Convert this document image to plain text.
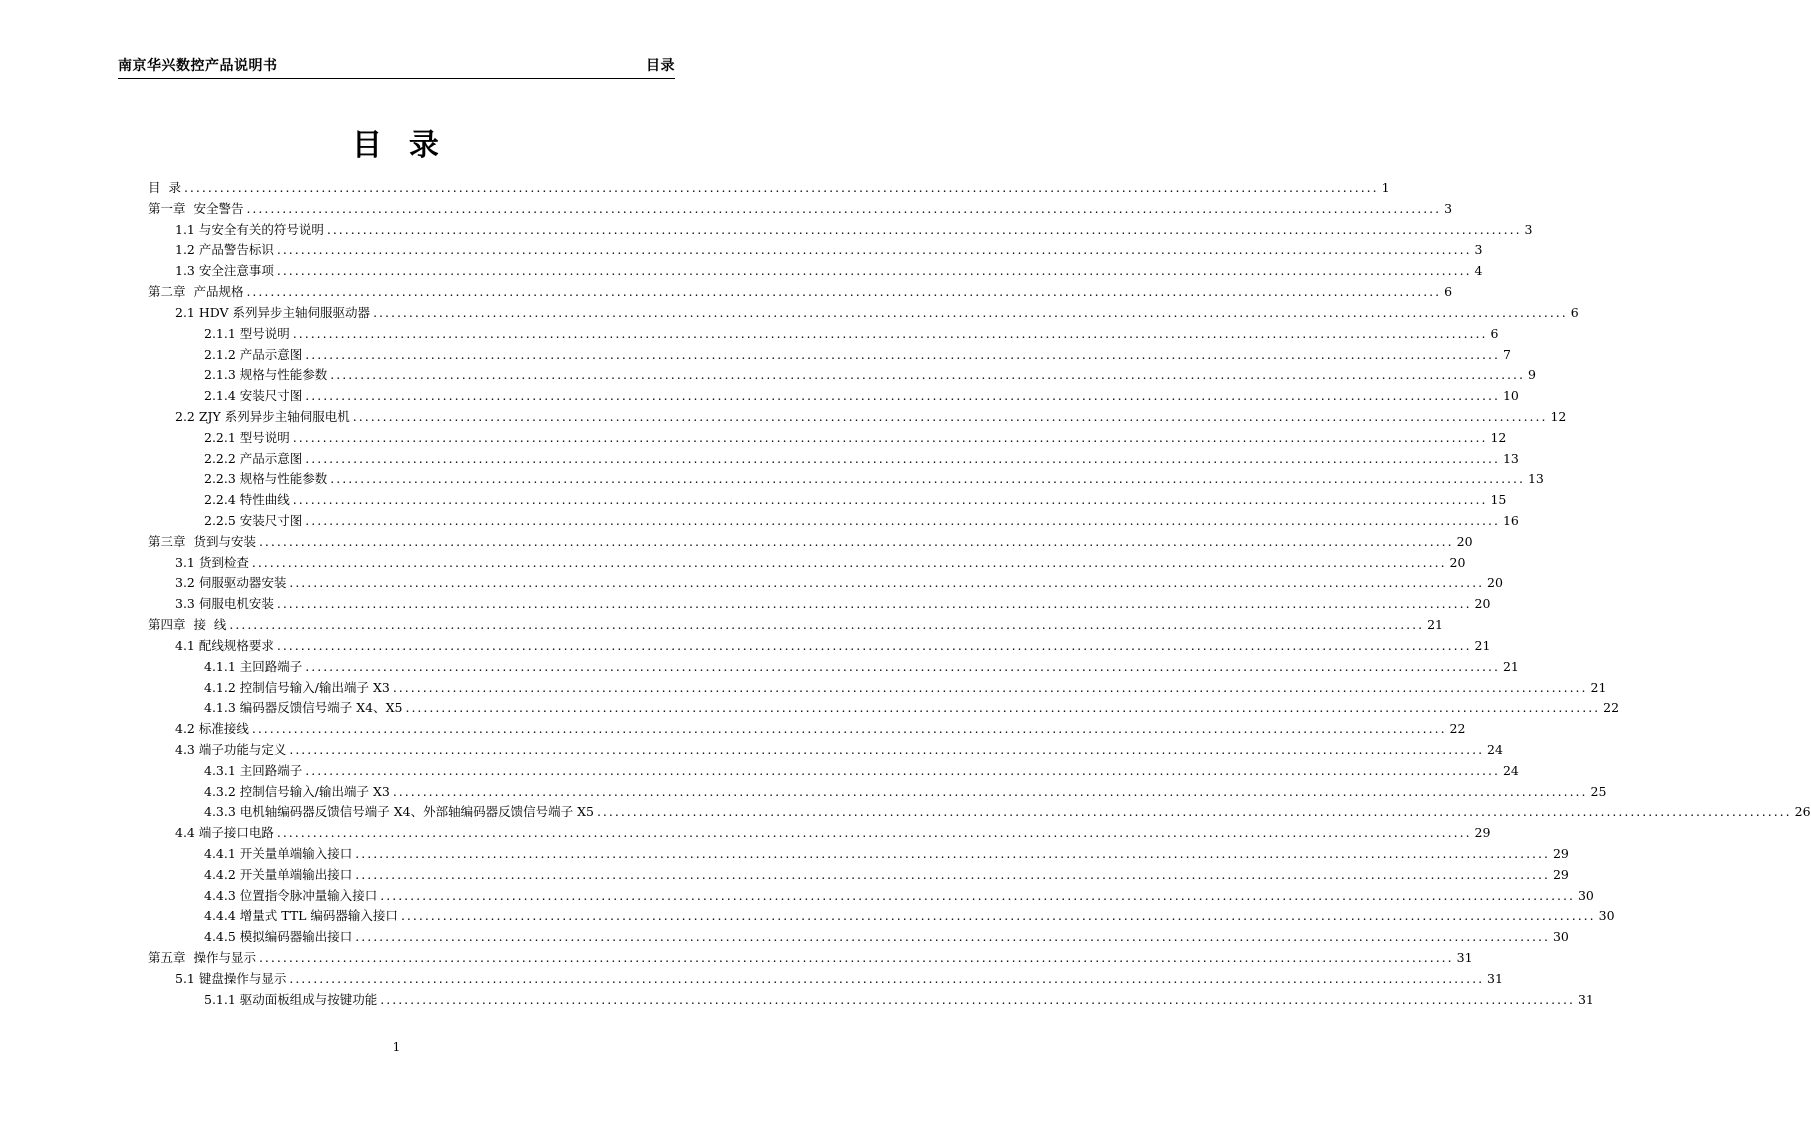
南京华兴数控产品说明书	目录
目  录
目  录 ........................................................................................................................................................................................................ 1
第一章  安全警告 ........................................................................................................................................................................................................ 3
1.1 与安全有关的符号说明 ........................................................................................................................................................................................................ 3
1.2 产品警告标识 ........................................................................................................................................................................................................ 3
1.3 安全注意事项 ........................................................................................................................................................................................................ 4
第二章  产品规格 ........................................................................................................................................................................................................ 6
2.1 HDV 系列异步主轴伺服驱动器 ........................................................................................................................................................................................................ 6
2.1.1 型号说明 ........................................................................................................................................................................................................ 6
2.1.2 产品示意图 ........................................................................................................................................................................................................ 7
2.1.3 规格与性能参数 ........................................................................................................................................................................................................ 9
2.1.4 安装尺寸图 ........................................................................................................................................................................................................ 10
2.2 ZJY 系列异步主轴伺服电机 ........................................................................................................................................................................................................ 12
2.2.1 型号说明 ........................................................................................................................................................................................................ 12
2.2.2 产品示意图 ........................................................................................................................................................................................................ 13
2.2.3 规格与性能参数 ........................................................................................................................................................................................................ 13
2.2.4 特性曲线 ........................................................................................................................................................................................................ 15
2.2.5 安装尺寸图 ........................................................................................................................................................................................................ 16
第三章  货到与安装 ........................................................................................................................................................................................................ 20
3.1 货到检查 ........................................................................................................................................................................................................ 20
3.2 伺服驱动器安装 ........................................................................................................................................................................................................ 20
3.3 伺服电机安装 ........................................................................................................................................................................................................ 20
第四章  接  线 ........................................................................................................................................................................................................ 21
4.1 配线规格要求 ........................................................................................................................................................................................................ 21
4.1.1 主回路端子 ........................................................................................................................................................................................................ 21
4.1.2 控制信号输入/输出端子 X3 ........................................................................................................................................................................................................ 21
4.1.3 编码器反馈信号端子 X4、X5 ........................................................................................................................................................................................................ 22
4.2 标准接线 ........................................................................................................................................................................................................ 22
4.3 端子功能与定义 ........................................................................................................................................................................................................ 24
4.3.1 主回路端子 ........................................................................................................................................................................................................ 24
4.3.2 控制信号输入/输出端子 X3 ........................................................................................................................................................................................................ 25
4.3.3 电机轴编码器反馈信号端子 X4、外部轴编码器反馈信号端子 X5 ........................................................................................................................................................................................................ 26
4.4 端子接口电路 ........................................................................................................................................................................................................ 29
4.4.1 开关量单端输入接口 ........................................................................................................................................................................................................ 29
4.4.2 开关量单端输出接口 ........................................................................................................................................................................................................ 29
4.4.3 位置指令脉冲量输入接口 ........................................................................................................................................................................................................ 30
4.4.4 增量式 TTL 编码器输入接口 ........................................................................................................................................................................................................ 30
4.4.5 模拟编码器输出接口 ........................................................................................................................................................................................................ 30
第五章  操作与显示 ........................................................................................................................................................................................................ 31
5.1 键盘操作与显示 ........................................................................................................................................................................................................ 31
5.1.1 驱动面板组成与按键功能 ........................................................................................................................................................................................................ 31
1
